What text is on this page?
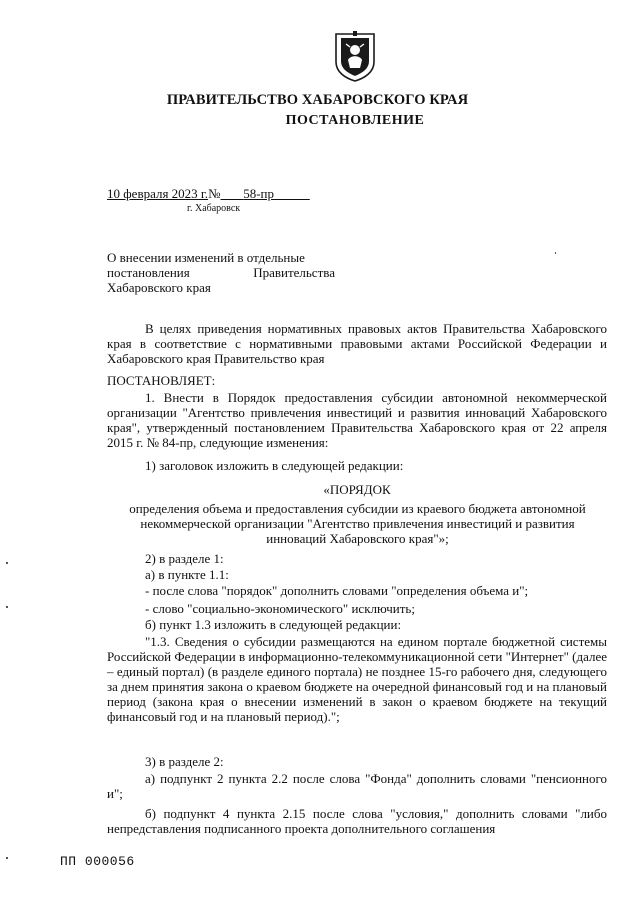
ПРАВИТЕЛЬСТВО ХАБАРОВСКОГО КРАЯ
ПОСТАНОВЛЕНИЕ
10 февраля 2023 г.№ 58-пр
г. Хабаровск
О внесении изменений в отдельные
постановления	Правительства
Хабаровского края
В целях приведения нормативных правовых актов Правительства Хабаровского края в соответствие с нормативными правовыми актами Российской Федерации и Хабаровского края Правительство края
ПОСТАНОВЛЯЕТ:
1. Внести в Порядок предоставления субсидии автономной некоммерческой организации "Агентство привлечения инвестиций и развития инноваций Хабаровского края", утвержденный постановлением Правительства Хабаровского края от 22 апреля 2015 г. № 84-пр, следующие изменения:
1) заголовок изложить в следующей редакции:
«ПОРЯДОК
определения объема и предоставления субсидии из краевого бюджета автономной некоммерческой организации "Агентство привлечения инвестиций и развития инноваций Хабаровского края"»;
2) в разделе 1:
а) в пункте 1.1:
- после слова "порядок" дополнить словами "определения объема и";
- слово "социально-экономического" исключить;
б) пункт 1.3 изложить в следующей редакции:
"1.3. Сведения о субсидии размещаются на едином портале бюджетной системы Российской Федерации в информационно-телекоммуникационной сети "Интернет" (далее – единый портал) (в разделе единого портала) не позднее 15-го рабочего дня, следующего за днем принятия закона о краевом бюджете на очередной финансовый год и на плановый период (закона края о внесении изменений в закон о краевом бюджете на текущий финансовый год и на плановый период).";
3) в разделе 2:
а) подпункт 2 пункта 2.2 после слова "Фонда" дополнить словами "пенсионного и";
б) подпункт 4 пункта 2.15 после слова "условия," дополнить словами "либо непредставления подписанного проекта дополнительного соглашения
ПП 000056
